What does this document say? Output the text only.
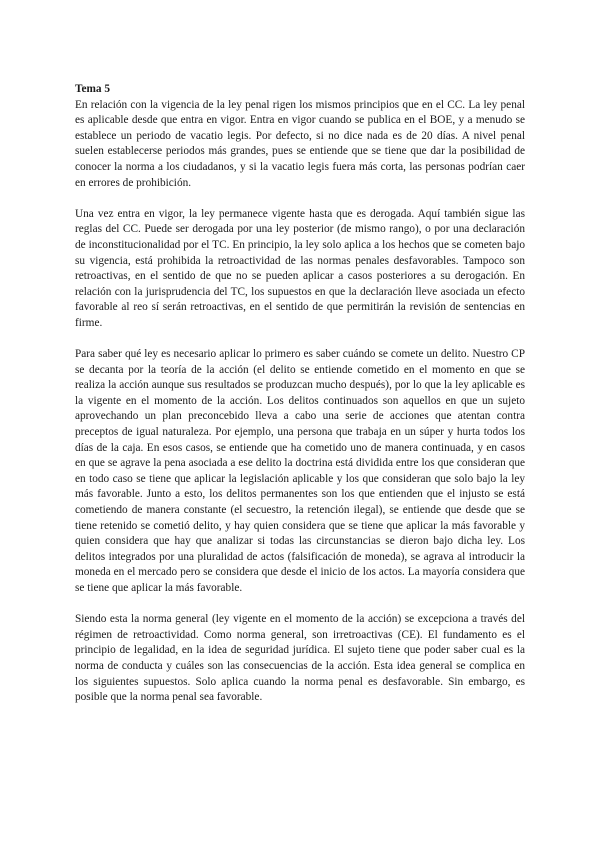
Tema 5

En relación con la vigencia de la ley penal rigen los mismos principios que en el CC. La ley penal es aplicable desde que entra en vigor. Entra en vigor cuando se publica en el BOE, y a menudo se establece un periodo de vacatio legis. Por defecto, si no dice nada es de 20 días. A nivel penal suelen establecerse periodos más grandes, pues se entiende que se tiene que dar la posibilidad de conocer la norma a los ciudadanos, y si la vacatio legis fuera más corta, las personas podrían caer en errores de prohibición.

Una vez entra en vigor, la ley permanece vigente hasta que es derogada. Aquí también sigue las reglas del CC. Puede ser derogada por una ley posterior (de mismo rango), o por una declaración de inconstitucionalidad por el TC. En principio, la ley solo aplica a los hechos que se cometen bajo su vigencia, está prohibida la retroactividad de las normas penales desfavorables. Tampoco son retroactivas, en el sentido de que no se pueden aplicar a casos posteriores a su derogación. En relación con la jurisprudencia del TC, los supuestos en que la declaración lleve asociada un efecto favorable al reo sí serán retroactivas, en el sentido de que permitirán la revisión de sentencias en firme.

Para saber qué ley es necesario aplicar lo primero es saber cuándo se comete un delito. Nuestro CP se decanta por la teoría de la acción (el delito se entiende cometido en el momento en que se realiza la acción aunque sus resultados se produzcan mucho después), por lo que la ley aplicable es la vigente en el momento de la acción. Los delitos continuados son aquellos en que un sujeto aprovechando un plan preconcebido lleva a cabo una serie de acciones que atentan contra preceptos de igual naturaleza. Por ejemplo, una persona que trabaja en un súper y hurta todos los días de la caja. En esos casos, se entiende que ha cometido uno de manera continuada, y en casos en que se agrave la pena asociada a ese delito la doctrina está dividida entre los que consideran que en todo caso se tiene que aplicar la legislación aplicable y los que consideran que solo bajo la ley más favorable. Junto a esto, los delitos permanentes son los que entienden que el injusto se está cometiendo de manera constante (el secuestro, la retención ilegal), se entiende que desde que se tiene retenido se cometió delito, y hay quien considera que se tiene que aplicar la más favorable y quien considera que hay que analizar si todas las circunstancias se dieron bajo dicha ley. Los delitos integrados por una pluralidad de actos (falsificación de moneda), se agrava al introducir la moneda en el mercado pero se considera que desde el inicio de los actos. La mayoría considera que se tiene que aplicar la más favorable.

Siendo esta la norma general (ley vigente en el momento de la acción) se excepciona a través del régimen de retroactividad. Como norma general, son irretroactivas (CE). El fundamento es el principio de legalidad, en la idea de seguridad jurídica. El sujeto tiene que poder saber cual es la norma de conducta y cuáles son las consecuencias de la acción. Esta idea general se complica en los siguientes supuestos. Solo aplica cuando la norma penal es desfavorable. Sin embargo, es posible que la norma penal sea favorable.
